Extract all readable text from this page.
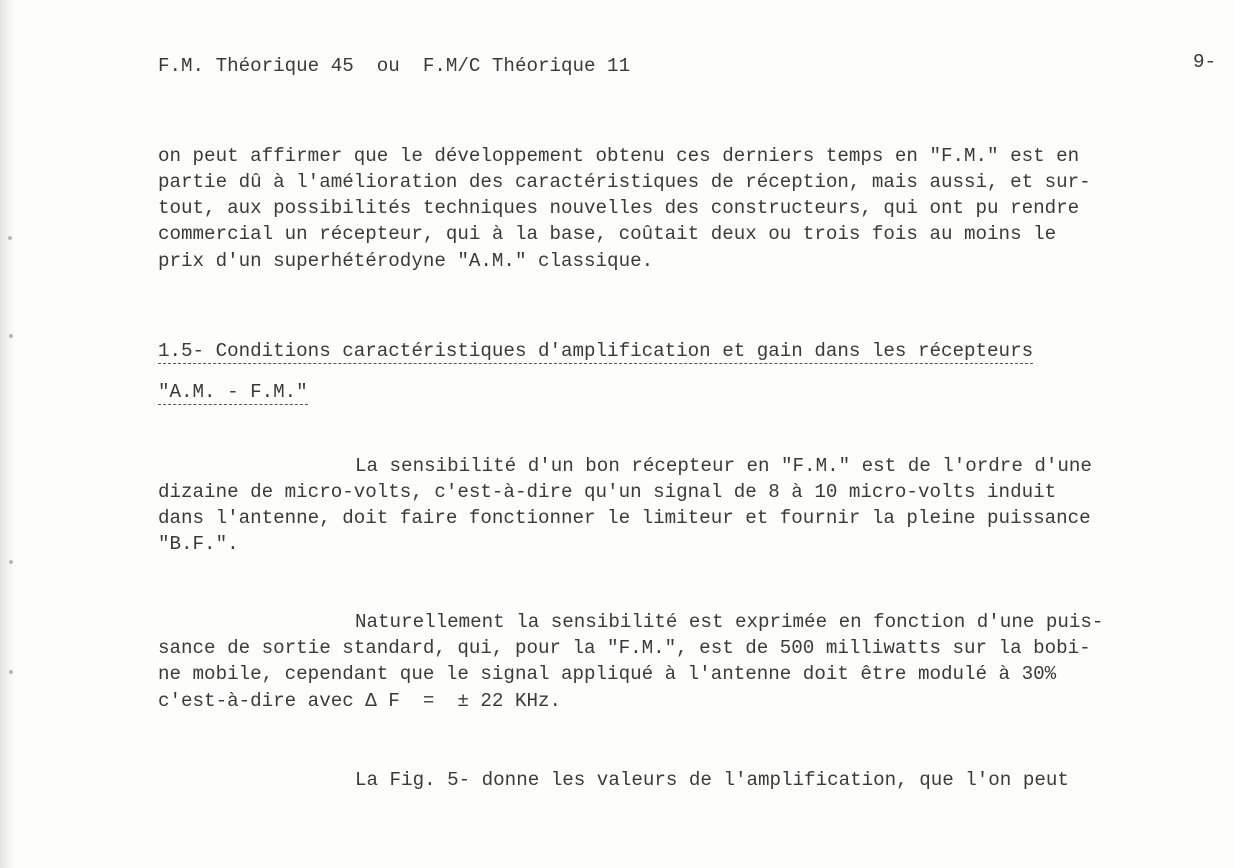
F.M. Théorique 45  ou  F.M/C Théorique 11	9-
on peut affirmer que le développement obtenu ces derniers temps en "F.M." est en
partie dû à l'amélioration des caractéristiques de réception, mais aussi, et sur-
tout, aux possibilités techniques nouvelles des constructeurs, qui ont pu rendre
commercial un récepteur, qui à la base, coûtait deux ou trois fois au moins le
prix d'un superhétérodyne "A.M." classique.
1.5- Conditions caractéristiques d'amplification et gain dans les récepteurs
"A.M. - F.M."
La sensibilité d'un bon récepteur en "F.M." est de l'ordre d'une
dizaine de micro-volts, c'est-à-dire qu'un signal de 8 à 10 micro-volts induit
dans l'antenne, doit faire fonctionner le limiteur et fournir la pleine puissance
"B.F.".
Naturellement la sensibilité est exprimée en fonction d'une puis-
sance de sortie standard, qui, pour la "F.M.", est de 500 milliwatts sur la bobi-
ne mobile, cependant que le signal appliqué à l'antenne doit être modulé à 30%
c'est-à-dire avec Δ F  =  ± 22 KHz.
La Fig. 5- donne les valeurs de l'amplification, que l'on peut
